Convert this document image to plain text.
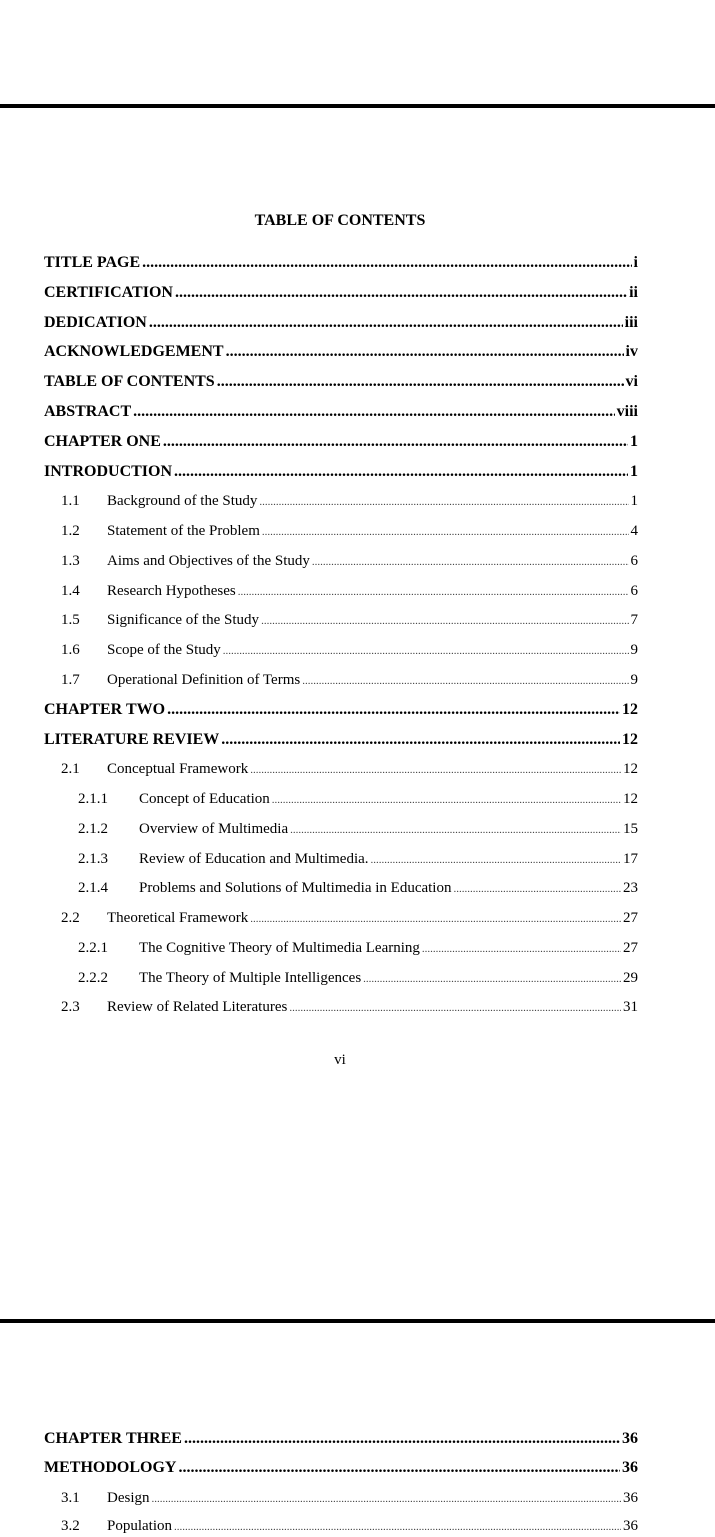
TABLE OF CONTENTS
TITLE PAGE .....	i
CERTIFICATION .....	ii
DEDICATION .....	iii
ACKNOWLEDGEMENT .....	iv
TABLE OF CONTENTS .....	vi
ABSTRACT .....	viii
CHAPTER ONE .....	1
INTRODUCTION .....	1
1.1	Background of the Study .....	1
1.2	Statement of the Problem .....	4
1.3	Aims and Objectives of the Study .....	6
1.4	Research Hypotheses .....	6
1.5	Significance of the Study .....	7
1.6	Scope of the Study .....	9
1.7	Operational Definition of Terms .....	9
CHAPTER TWO .....	12
LITERATURE REVIEW .....	12
2.1	Conceptual Framework .....	12
2.1.1	Concept of Education .....	12
2.1.2	Overview of Multimedia .....	15
2.1.3	Review of Education and Multimedia. .....	17
2.1.4	Problems and Solutions of Multimedia in Education .....	23
2.2	Theoretical Framework .....	27
2.2.1	The Cognitive Theory of Multimedia Learning .....	27
2.2.2	The Theory of Multiple Intelligences .....	29
2.3	Review of Related Literatures .....	31
vi
CHAPTER THREE .....	36
METHODOLOGY .....	36
3.1	Design .....	36
3.2	Population .....	36
